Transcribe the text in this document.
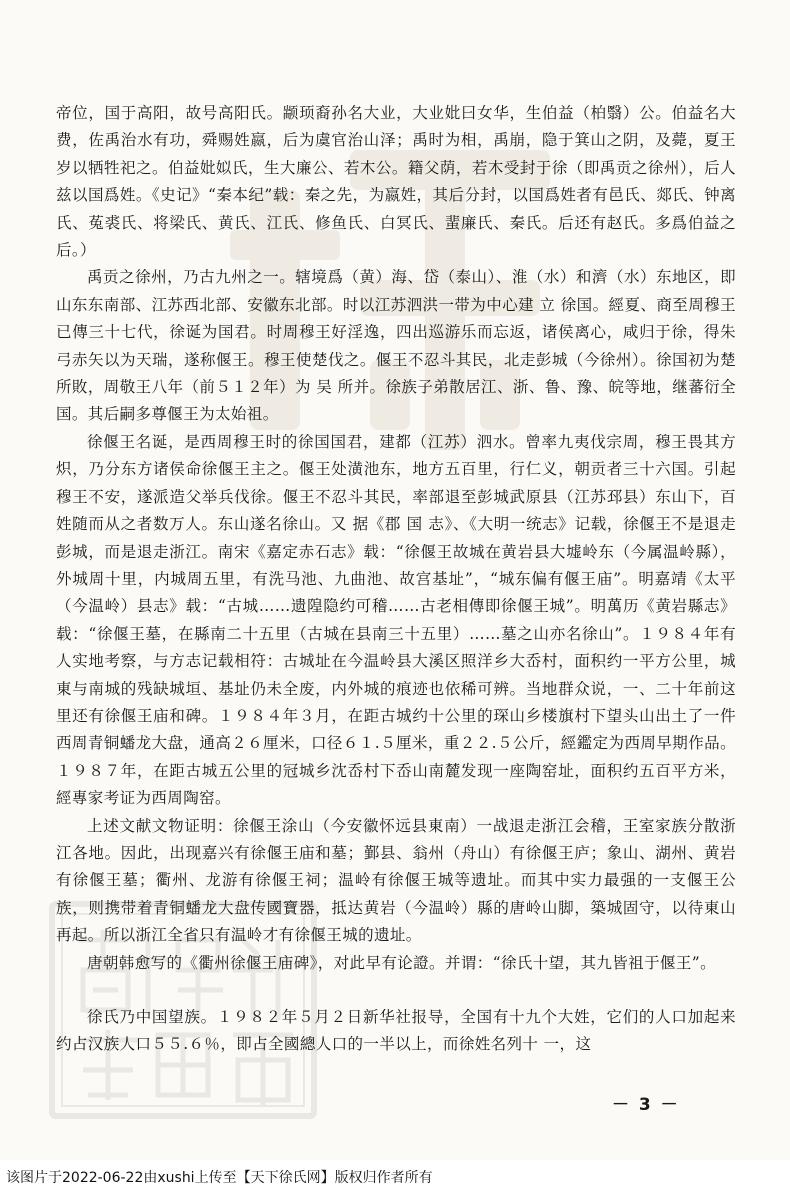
帝位，国于高阳，故号高阳氏。颛顼裔孙名大业，大业妣曰女华，生伯益（柏翳）公。伯益名大费，佐禹治水有功，舜赐姓嬴，后为虞官治山泽；禹时为相，禹崩，隐于箕山之阴，及薨，夏王岁以牺牲祀之。伯益妣姒氏，生大廉公、若木公。籍父荫，若木受封于徐（即禹贡之徐州），后人兹以国爲姓。《史记》“秦本纪”载：秦之先，为嬴姓，其后分封，以国爲姓者有邑氏、郯氏、钟离氏、菟裘氏、将梁氏、黄氏、江氏、修鱼氏、白冥氏、蜚廉氏、秦氏。后还有赵氏。多爲伯益之后。）

禹贡之徐州，乃古九州之一。辖境爲（黄）海、岱（泰山）、淮（水）和濟（水）东地区，即山东东南部、江苏西北部、安徽东北部。时以江苏泗洪一带为中心建 立 徐国。經夏、商至周穆王已傳三十七代，徐诞为国君。时周穆王好淫逸，四出巡游乐而忘返，诸侯离心，咸归于徐，得朱弓赤矢以为天瑞，遂称偃王。穆王使楚伐之。偃王不忍斗其民，北走彭城（今徐州）。徐国初为楚所敗，周敬王八年（前５１２年）为 吴 所并。徐族子弟散居江、浙、鲁、豫、皖等地，继蕃衍全国。其后嗣多尊偃王为太始祖。

徐偃王名诞，是西周穆王时的徐国国君，建都（江苏）泗水。曾率九夷伐宗周，穆王畏其方炽，乃分东方诸侯命徐偃王主之。偃王处潢池东，地方五百里，行仁义，朝贡者三十六国。引起穆王不安，遂派造父举兵伐徐。偃王不忍斗其民，率部退至彭城武原县（江苏邳县）东山下，百姓随而从之者数万人。东山遂名徐山。又 据《郡 国 志》、《大明一统志》记载，徐偃王不是退走彭城，而是退走浙江。南宋《嘉定赤石志》载：“徐偃王故城在黄岩县大墟岭东（今属温岭縣），外城周十里，内城周五里，有洗马池、九曲池、故宫基址”，“城东偏有偃王庙”。明嘉靖《太平（今温岭）县志》载：“古城……遗隍隐约可稽……古老相傳即徐偃王城”。明萬历《黄岩縣志》载：“徐偃王墓，在縣南二十五里（古城在县南三十五里）……墓之山亦名徐山”。１９８４年有人实地考察，与方志记载相符：古城址在今温岭县大溪区照洋乡大岙村，面积约一平方公里，城東与南城的残缺城垣、基址仍未全废，内外城的痕迹也依稀可辨。当地群众说，一、二十年前这里还有徐偃王庙和碑。１９８４年３月，在距古城约十公里的琛山乡楼旗村下望头山出土了一件西周青铜蟠龙大盘，通高２６厘米，口径６１.５厘米，重２２.５公斤，經鑑定为西周早期作品。１９８７年，在距古城五公里的冠城乡沈岙村下岙山南麓发现一座陶窑址，面积约五百平方米，經專家考证为西周陶窑。

上述文献文物证明：徐偃王涂山（今安徽怀远县東南）一战退走浙江会稽，王室家族分散浙江各地。因此，出现嘉兴有徐偃王庙和墓；鄞县、翁州（舟山）有徐偃王庐；象山、湖州、黄岩有徐偃王墓；衢州、龙游有徐偃王祠；温岭有徐偃王城等遗址。而其中实力最强的一支偃王公族，则携带着青铜蟠龙大盘传國寶器，抵达黄岩（今温岭）縣的唐岭山脚，築城固守，以待東山再起。所以浙江全省只有温岭才有徐偃王城的遗址。

唐朝韩愈写的《衢州徐偃王庙碑》，对此早有论證。并谓：“徐氏十望，其九皆祖于偃王”。

徐氏乃中国望族。１９８２年５月２日新华社报导，全国有十九个大姓，它们的人口加起来约占汉族人口５５.６％，即占全國總人口的一半以上，而徐姓名列十 一，这

－ 3 －
该图片于2022-06-22由xushi上传至【天下徐氏网】版权归作者所有
